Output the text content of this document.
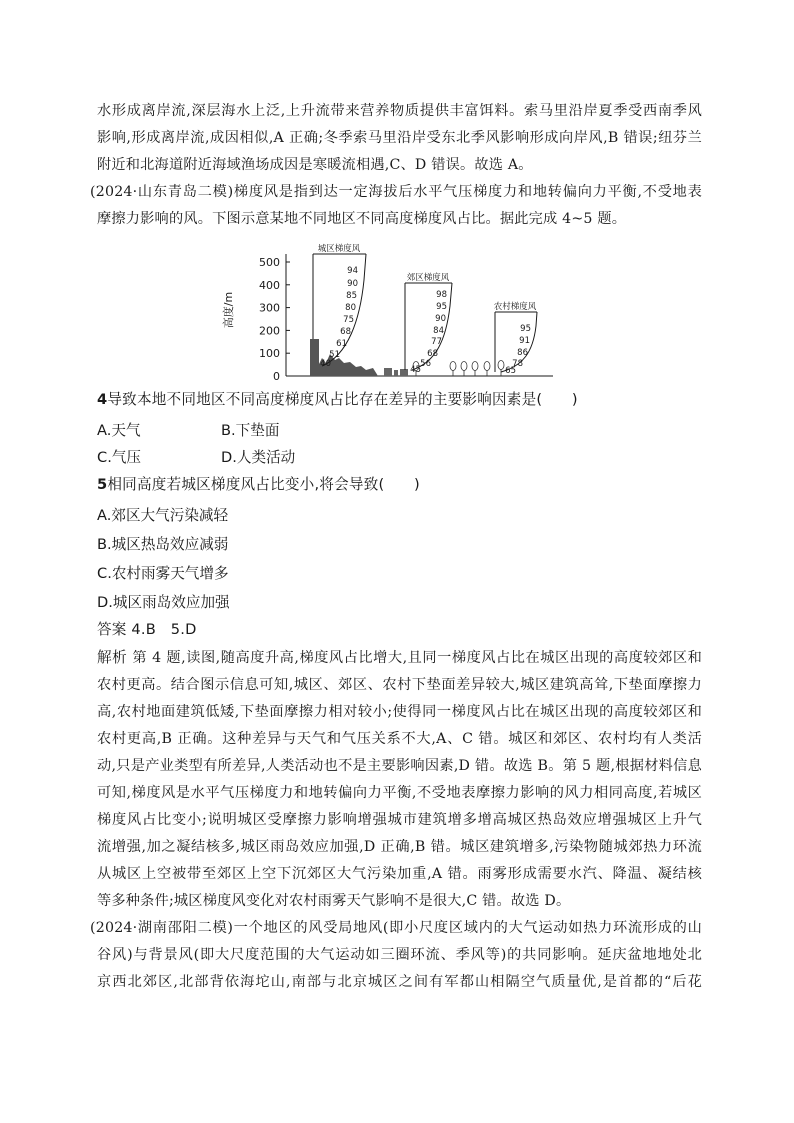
水形成离岸流,深层海水上泛,上升流带来营养物质提供丰富饵料。索马里沿岸夏季受西南季风
影响,形成离岸流,成因相似,A 正确;冬季索马里沿岸受东北季风影响形成向岸风,B 错误;纽芬兰
附近和北海道附近海域渔场成因是寒暖流相遇,C、D 错误。故选 A。
(2024·山东青岛二模)梯度风是指到达一定海拔后水平气压梯度力和地转偏向力平衡,不受地表
摩擦力影响的风。下图示意某地不同地区不同高度梯度风占比。据此完成 4~5 题。
高度/m
0
100
200
300
400
500
城区梯度风
94
90
85
80
75
68
61
51
40
郊区梯度风
98
95
90
84
77
68
56
45
农村梯度风
95
91
86
78
65
4导致本地不同地区不同高度梯度风占比存在差异的主要影响因素是(　　)
A.天气	B.下垫面
C.气压	D.人类活动
5相同高度若城区梯度风占比变小,将会导致(　　)
A.郊区大气污染减轻
B.城区热岛效应减弱
C.农村雨雾天气增多
D.城区雨岛效应加强
答案 4.B　5.D
解析 第 4 题,读图,随高度升高,梯度风占比增大,且同一梯度风占比在城区出现的高度较郊区和
农村更高。结合图示信息可知,城区、郊区、农村下垫面差异较大,城区建筑高耸,下垫面摩擦力
高,农村地面建筑低矮,下垫面摩擦力相对较小;使得同一梯度风占比在城区出现的高度较郊区和
农村更高,B 正确。这种差异与天气和气压关系不大,A、C 错。城区和郊区、农村均有人类活
动,只是产业类型有所差异,人类活动也不是主要影响因素,D 错。故选 B。第 5 题,根据材料信息
可知,梯度风是水平气压梯度力和地转偏向力平衡,不受地表摩擦力影响的风力相同高度,若城区
梯度风占比变小;说明城区受摩擦力影响增强城市建筑增多增高城区热岛效应增强城区上升气
流增强,加之凝结核多,城区雨岛效应加强,D 正确,B 错。城区建筑增多,污染物随城郊热力环流
从城区上空被带至郊区上空下沉郊区大气污染加重,A 错。雨雾形成需要水汽、降温、凝结核
等多种条件;城区梯度风变化对农村雨雾天气影响不是很大,C 错。故选 D。
(2024·湖南邵阳二模)一个地区的风受局地风(即小尺度区域内的大气运动如热力环流形成的山
谷风)与背景风(即大尺度范围的大气运动如三圈环流、季风等)的共同影响。延庆盆地地处北
京西北郊区,北部背依海坨山,南部与北京城区之间有军都山相隔空气质量优,是首都的“后花
